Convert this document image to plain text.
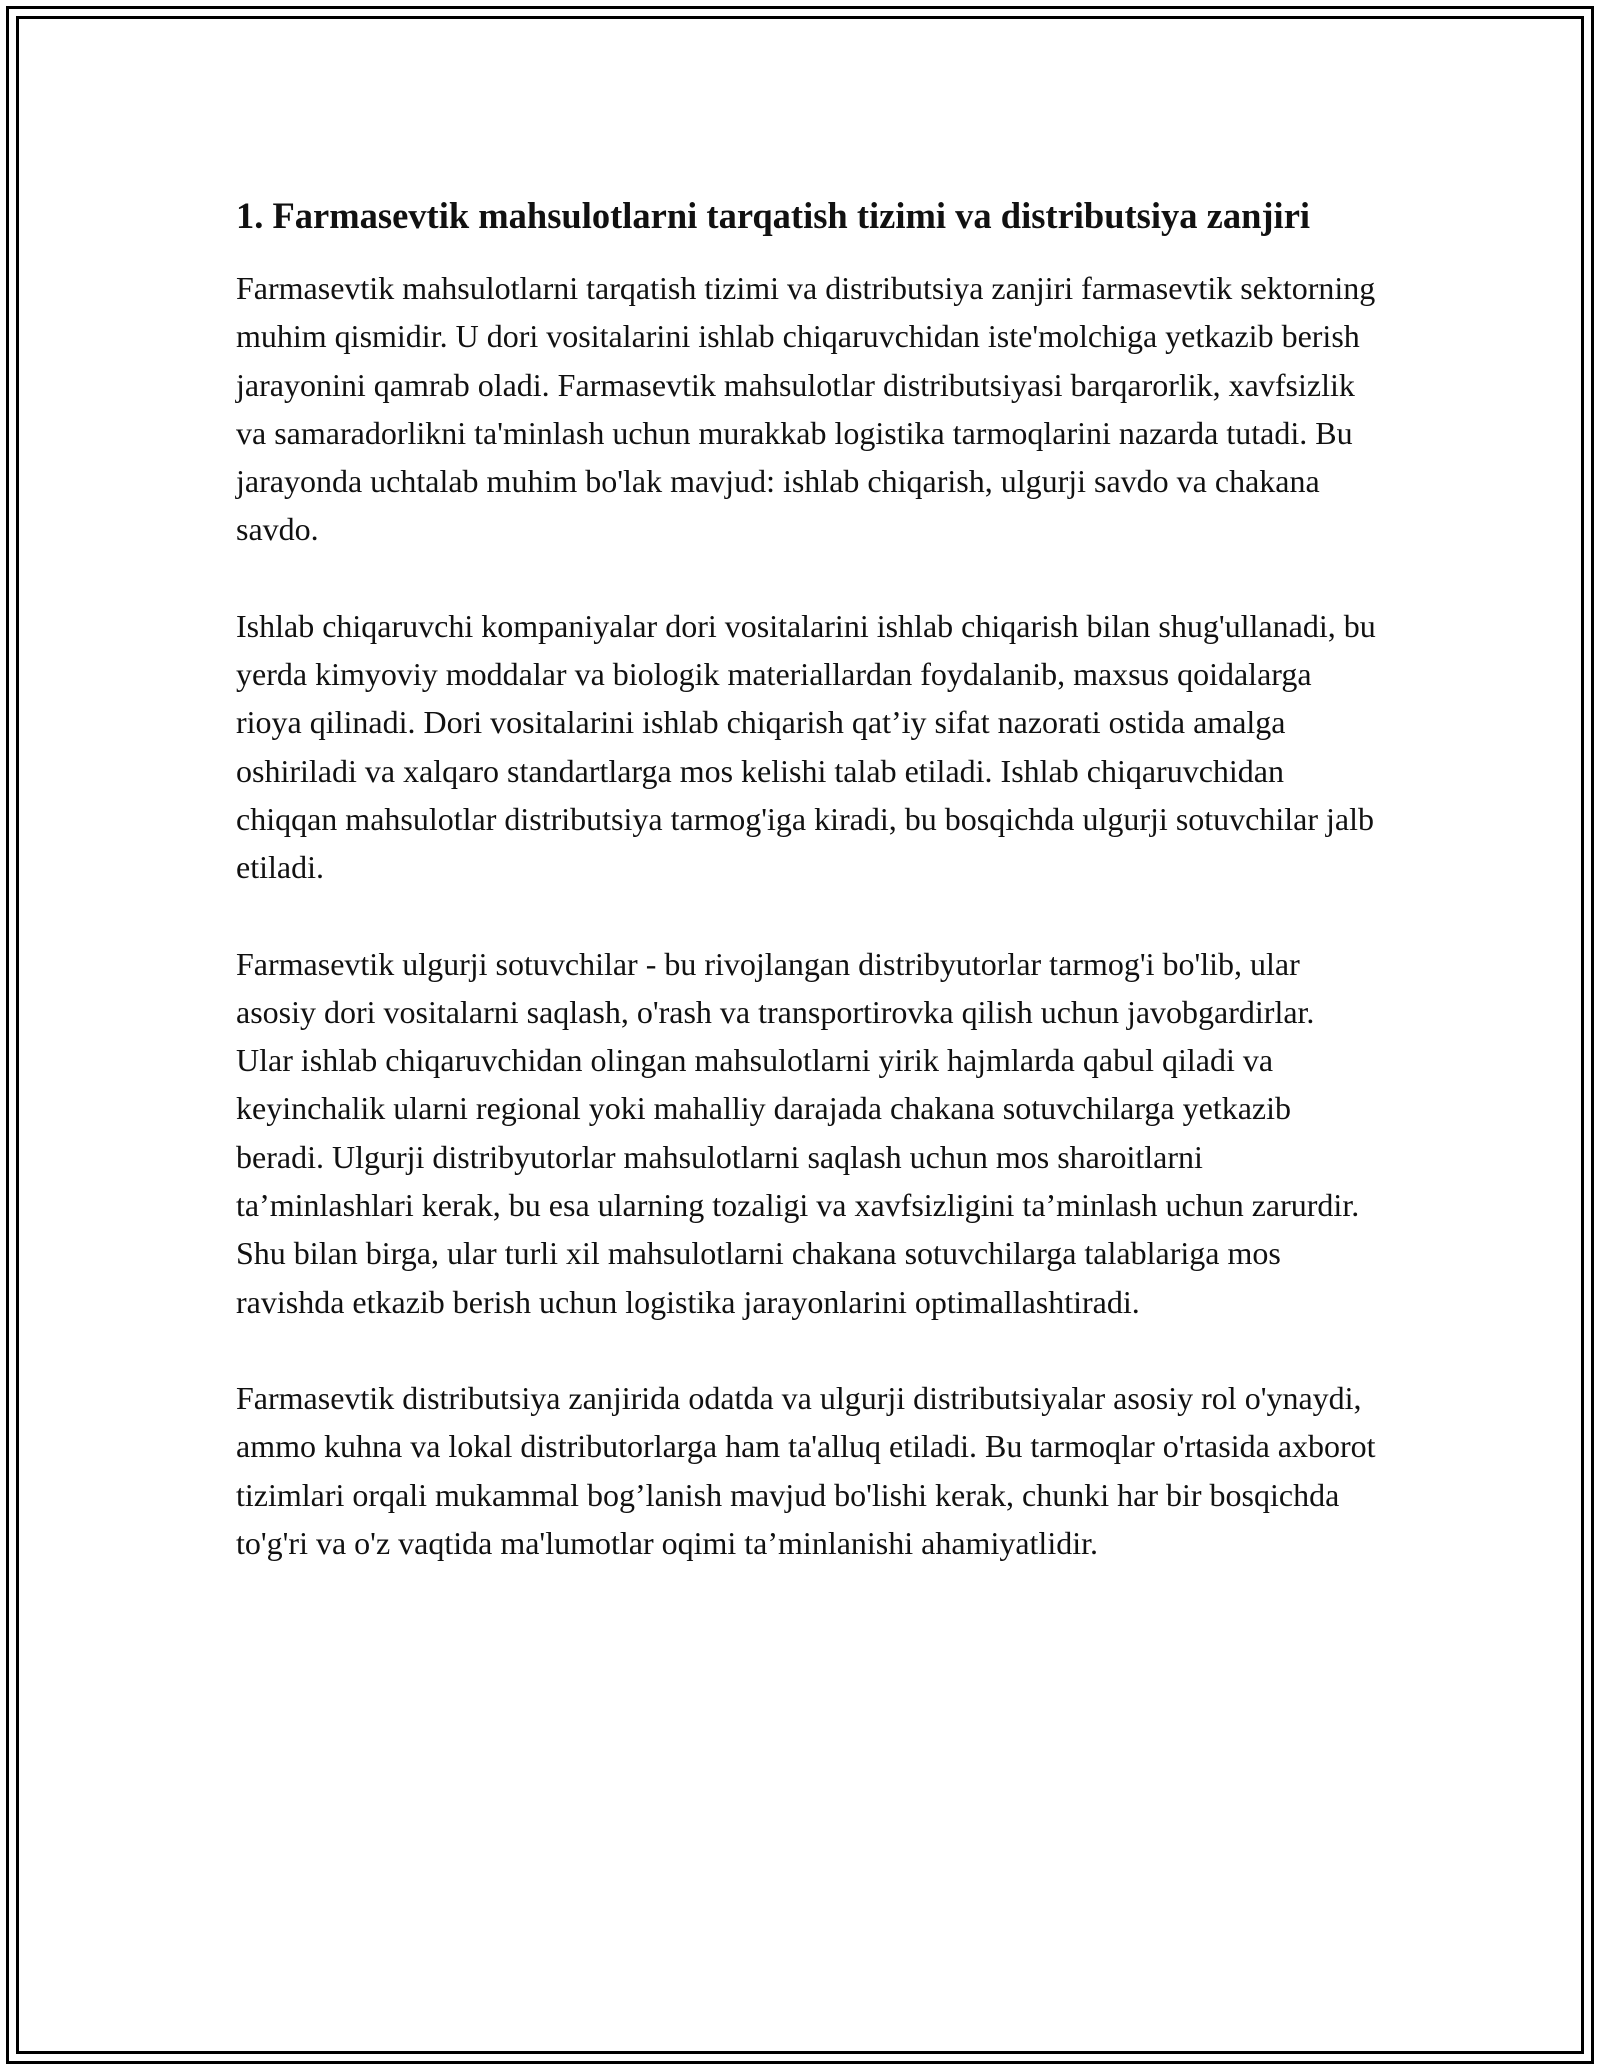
1. Farmasevtik mahsulotlarni tarqatish tizimi va distributsiya zanjiri

Farmasevtik mahsulotlarni tarqatish tizimi va distributsiya zanjiri farmasevtik sektorning muhim qismidir. U dori vositalarini ishlab chiqaruvchidan iste'molchiga yetkazib berish jarayonini qamrab oladi. Farmasevtik mahsulotlar distributsiyasi barqarorlik, xavfsizlik va samaradorlikni ta'minlash uchun murakkab logistika tarmoqlarini nazarda tutadi. Bu jarayonda uchtalab muhim bo'lak mavjud: ishlab chiqarish, ulgurji savdo va chakana savdo.

Ishlab chiqaruvchi kompaniyalar dori vositalarini ishlab chiqarish bilan shug'ullanadi, bu yerda kimyoviy moddalar va biologik materiallardan foydalanib, maxsus qoidalarga rioya qilinadi. Dori vositalarini ishlab chiqarish qat’iy sifat nazorati ostida amalga oshiriladi va xalqaro standartlarga mos kelishi talab etiladi. Ishlab chiqaruvchidan chiqqan mahsulotlar distributsiya tarmog'iga kiradi, bu bosqichda ulgurji sotuvchilar jalb etiladi.

Farmasevtik ulgurji sotuvchilar - bu rivojlangan distribyutorlar tarmog'i bo'lib, ular asosiy dori vositalarni saqlash, o'rash va transportirovka qilish uchun javobgardirlar. Ular ishlab chiqaruvchidan olingan mahsulotlarni yirik hajmlarda qabul qiladi va keyinchalik ularni regional yoki mahalliy darajada chakana sotuvchilarga yetkazib beradi. Ulgurji distribyutorlar mahsulotlarni saqlash uchun mos sharoitlarni ta’minlashlari kerak, bu esa ularning tozaligi va xavfsizligini ta’minlash uchun zarurdir. Shu bilan birga, ular turli xil mahsulotlarni chakana sotuvchilarga talablariga mos ravishda etkazib berish uchun logistika jarayonlarini optimallashtiradi.

Farmasevtik distributsiya zanjirida odatda va ulgurji distributsiyalar asosiy rol o'ynaydi, ammo kuhna va lokal distributorlarga ham ta'alluq etiladi. Bu tarmoqlar o'rtasida axborot tizimlari orqali mukammal bog’lanish mavjud bo'lishi kerak, chunki har bir bosqichda to'g'ri va o'z vaqtida ma'lumotlar oqimi ta’minlanishi ahamiyatlidir.
